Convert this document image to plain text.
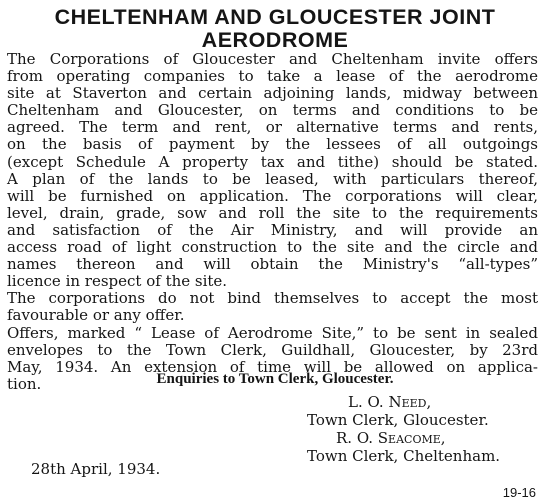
CHELTENHAM AND GLOUCESTER JOINT
AERODROME
The Corporations of Gloucester and Cheltenham invite offers
from operating companies to take a lease of the aerodrome
site at Staverton and certain adjoining lands, midway between
Cheltenham and Gloucester, on terms and conditions to be
agreed. The term and rent, or alternative terms and rents,
on the basis of payment by the lessees of all outgoings
(except Schedule A property tax and tithe) should be stated.
A plan of the lands to be leased, with particulars thereof,
will be furnished on application. The corporations will clear,
level, drain, grade, sow and roll the site to the requirements
and satisfaction of the Air Ministry, and will provide an
access road of light construction to the site and the circle and
names thereon and will obtain the Ministry's “all-types”
licence in respect of the site.
The corporations do not bind themselves to accept the most
favourable or any offer.
Offers, marked “ Lease of Aerodrome Site,” to be sent in sealed
envelopes to the Town Clerk, Guildhall, Gloucester, by 23rd
May, 1934. An extension of time will be allowed on applica-
tion.	Enquiries to Town Clerk, Gloucester.
L. O. Need,
Town Clerk, Gloucester.
R. O. Seacome,
Town Clerk, Cheltenham.
28th April, 1934.
19-16
